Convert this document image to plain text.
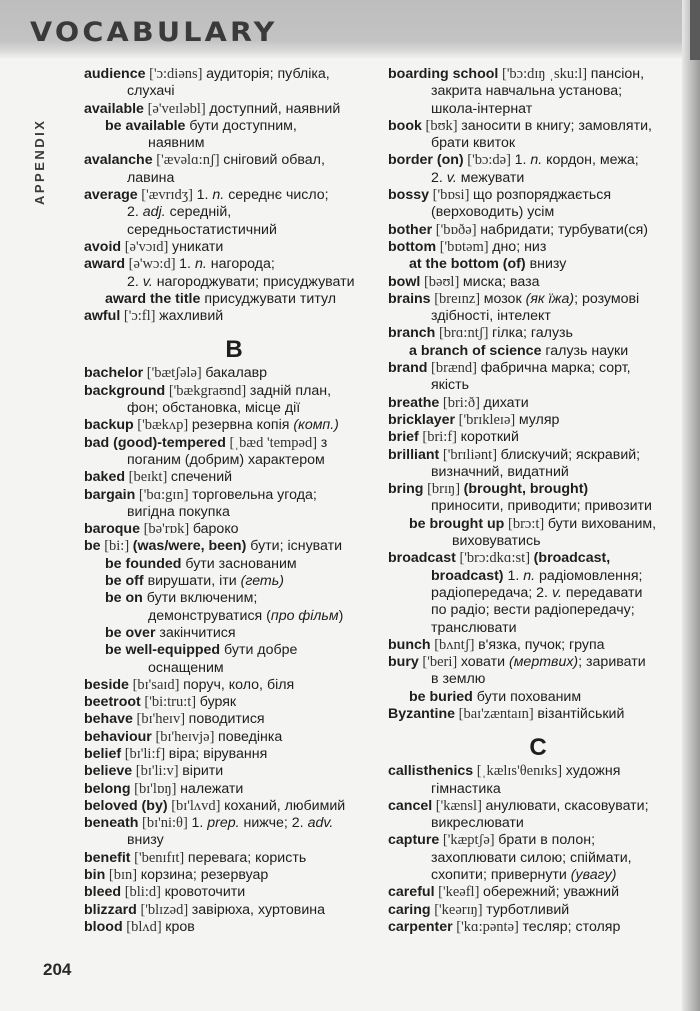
VOCABULARY
APPENDIX
audience ['ɔ:diəns] аудиторія; публіка,
слухачі
available [ə'veɪləbl] доступний, наявний
be available бути доступним,
наявним
avalanche ['ævəlɑ:nʃ] сніговий обвал,
лавина
average ['ævrɪdʒ] 1. n. середнє число;
2. adj. середній,
середньостатистичний
avoid [ə'vɔɪd] уникати
award [ə'wɔ:d] 1. n. нагорода;
2. v. нагороджувати; присуджувати
award the title присуджувати титул
awful ['ɔ:fl] жахливий
B
bachelor ['bætʃələ] бакалавр
background ['bækgraʊnd] задній план,
фон; обстановка, місце дії
backup ['bækʌp] резервна копія (комп.)
bad (good)-tempered [ˌbæd 'tempəd] з
поганим (добрим) характером
baked [beɪkt] спечений
bargain ['bɑ:gɪn] торговельна угода;
вигідна покупка
baroque [bə'rɒk] бароко
be [bi:] (was/were, been) бути; існувати
be founded бути заснованим
be off вирушати, іти (геть)
be on бути включеним;
демонструватися (про фільм)
be over закінчитися
be well-equipped бути добре
оснащеним
beside [bɪ'saɪd] поруч, коло, біля
beetroot ['bi:tru:t] буряк
behave [bɪ'heɪv] поводитися
behaviour [bɪ'heɪvjə] поведінка
belief [bɪ'li:f] віра; вірування
believe [bɪ'li:v] вірити
belong [bɪ'lɒŋ] належати
beloved (by) [bɪ'lʌvd] коханий, любимий
beneath [bɪ'ni:θ] 1. prep. нижче; 2. adv.
внизу
benefit ['benɪfɪt] перевага; користь
bin [bɪn] корзина; резервуар
bleed [bli:d] кровоточити
blizzard ['blɪzəd] завірюха, хуртовина
blood [blʌd] кров
boarding school ['bɔ:dɪŋ ˌsku:l] пансіон,
закрита навчальна установа;
школа-інтернат
book [bʊk] заносити в книгу; замовляти,
брати квиток
border (on) ['bɔ:də] 1. n. кордон, межа;
2. v. межувати
bossy ['bɒsi] що розпоряджається
(верховодить) усім
bother ['bɒðə] набридати; турбувати(ся)
bottom ['bɒtəm] дно; низ
at the bottom (of) внизу
bowl [bəʊl] миска; ваза
brains [breɪnz] мозок (як їжа); розумові
здібності, інтелект
branch [brɑ:ntʃ] гілка; галузь
a branch of science галузь науки
brand [brænd] фабрична марка; сорт,
якість
breathe [bri:ð] дихати
bricklayer ['brɪkleɪə] муляр
brief [bri:f] короткий
brilliant ['brɪliənt] блискучий; яскравий;
визначний, видатний
bring [brɪŋ] (brought, brought)
приносити, приводити; привозити
be brought up [brɔ:t] бути вихованим,
виховуватись
broadcast ['brɔ:dkɑ:st] (broadcast,
broadcast) 1. n. радіомовлення;
радіопередача; 2. v. передавати
по радіо; вести радіопередачу;
транслювати
bunch [bʌntʃ] в'язка, пучок; група
bury ['beri] ховати (мертвих); заривати
в землю
be buried бути похованим
Byzantine [baɪ'zæntaɪn] візантійський
C
callisthenics [ˌkælɪs'θenɪks] художня
гімнастика
cancel ['kænsl] анулювати, скасовувати;
викреслювати
capture ['kæptʃə] брати в полон;
захоплювати силою; спіймати,
схопити; привернути (увагу)
careful ['keəfl] обережний; уважний
caring ['keərɪŋ] турботливий
carpenter ['kɑ:pəntə] тесляр; столяр
204
